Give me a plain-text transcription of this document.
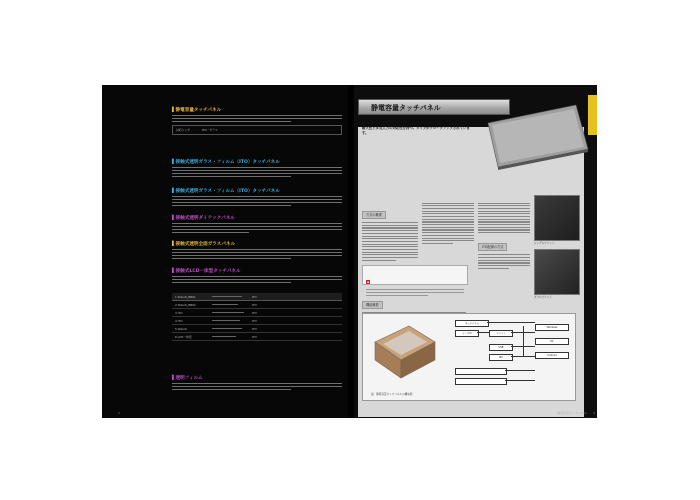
▌静電容量タッチパネル
対応センサ	ITO・ガラス
▌接触式透明ガラス・フィルム（ITO）タッチパネル
▌接触式透明ガラス・フィルム（ITO）タッチパネル
▌接触式透明ダイテックパネル
▌接触式透明全面ガラスパネル
▌接触式LCD一体型タッチパネル
1 Nobuti_BB01	ITO
2 Nobuti_BB02	ITO
3 ITO	ITO
4 ITO	ITO
5 Nobuti	ITO
6 LCD一体型	ITO
▌透明フィルム
2
静電容量タッチパネル
静電容量タッチパネルはCapacitive Touch Panelとも呼ばれ、高い耐久性と多点入力の対応性を持つ。タイプがクロープアップされています。
方式の概要
ITO配線の方式
シングルプリント
ダブルプリント
◆
機能概要
タッチパネル
センサIC	マイコン
USB
I2C
Windows
PC
Android
図　静電容量タッチパネルの構成例
静電容量タッチパネル 3
